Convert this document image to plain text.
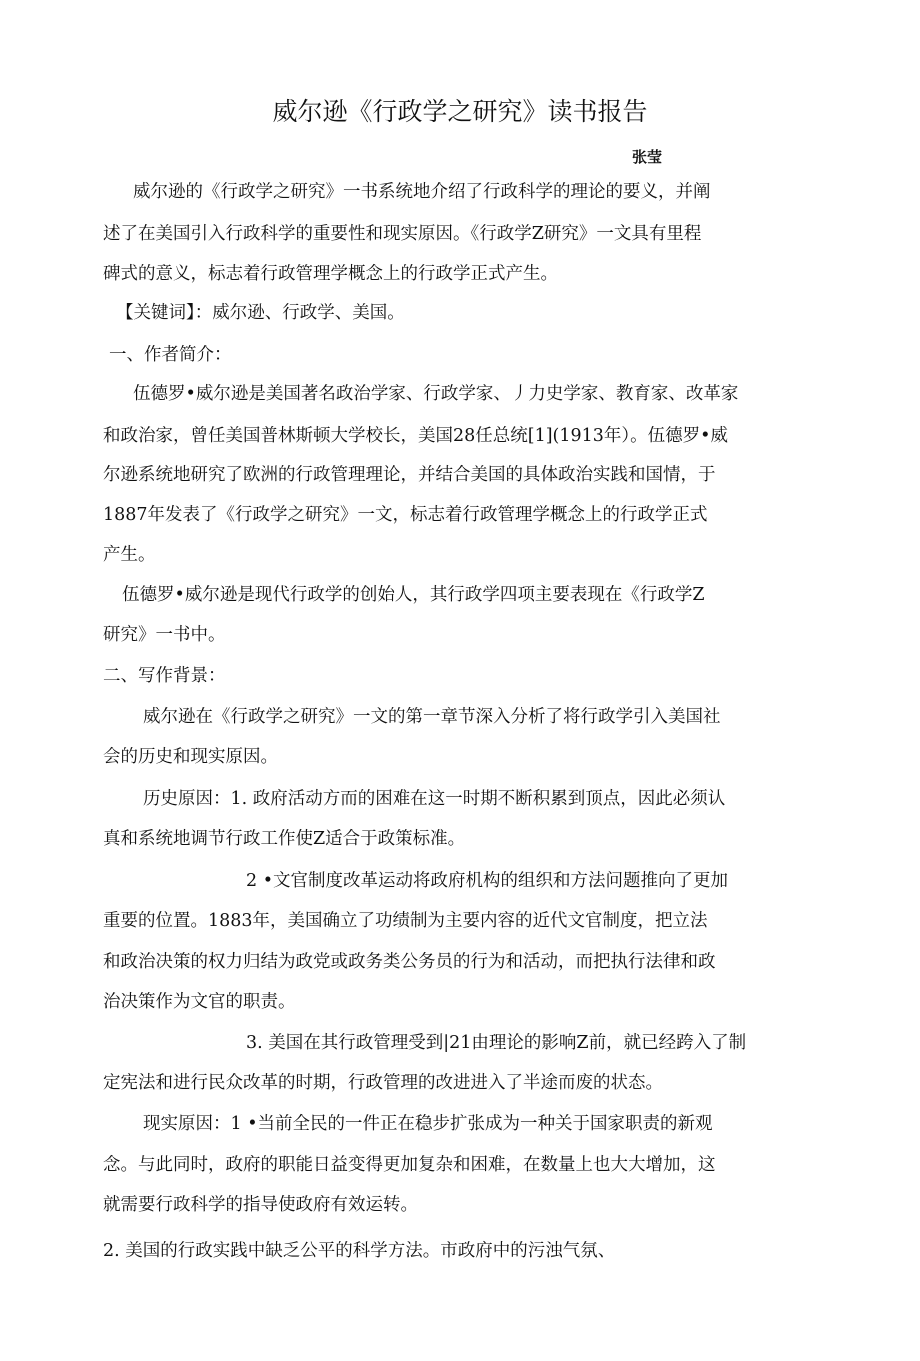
威尔逊《行政学之研究》读书报告
张莹
威尔逊的《行政学之研究》一书系统地介绍了行政科学的理论的要义，并阐
述了在美国引入行政科学的重要性和现实原因。《行政学Z研究》一文具有里程
碑式的意义，标志着行政管理学概念上的行政学正式产生。
【关键词】：威尔逊、行政学、美国。
一、作者简介：
伍德罗•威尔逊是美国著名政治学家、行政学家、丿力史学家、教育家、改革家
和政治家，曾任美国普林斯顿大学校长，美国28任总统[1](1913年）。伍德罗•威
尔逊系统地研究了欧洲的行政管理理论，并结合美国的具体政治实践和国情，于
1887年发表了《行政学之研究》一文，标志着行政管理学概念上的行政学正式
产生。
伍德罗•威尔逊是现代行政学的创始人，其行政学四项主要表现在《行政学Z
研究》一书中。
二、写作背景：
威尔逊在《行政学之研究》一文的第一章节深入分析了将行政学引入美国社
会的历史和现实原因。
历史原因：1. 政府活动方而的困难在这一时期不断积累到顶点，因此必须认
真和系统地调节行政工作使Z适合于政策标准。
2 •文官制度改革运动将政府机构的组织和方法问题推向了更加
重要的位置。1883年，美国确立了功绩制为主要内容的近代文官制度，把立法
和政治决策的权力归结为政党或政务类公务员的行为和活动，而把执行法律和政
治决策作为文官的职责。
3. 美国在其行政管理受到|21由理论的影响Z前，就已经跨入了制
定宪法和进行民众改革的时期，行政管理的改进进入了半途而废的状态。
现实原因：1 •当前全民的一件正在稳步扩张成为一种关于国家职责的新观
念。与此同时，政府的职能日益变得更加复杂和困难，在数量上也大大增加，这
就需要行政科学的指导使政府有效运转。
2. 美国的行政实践中缺乏公平的科学方法。市政府中的污浊气氛、
